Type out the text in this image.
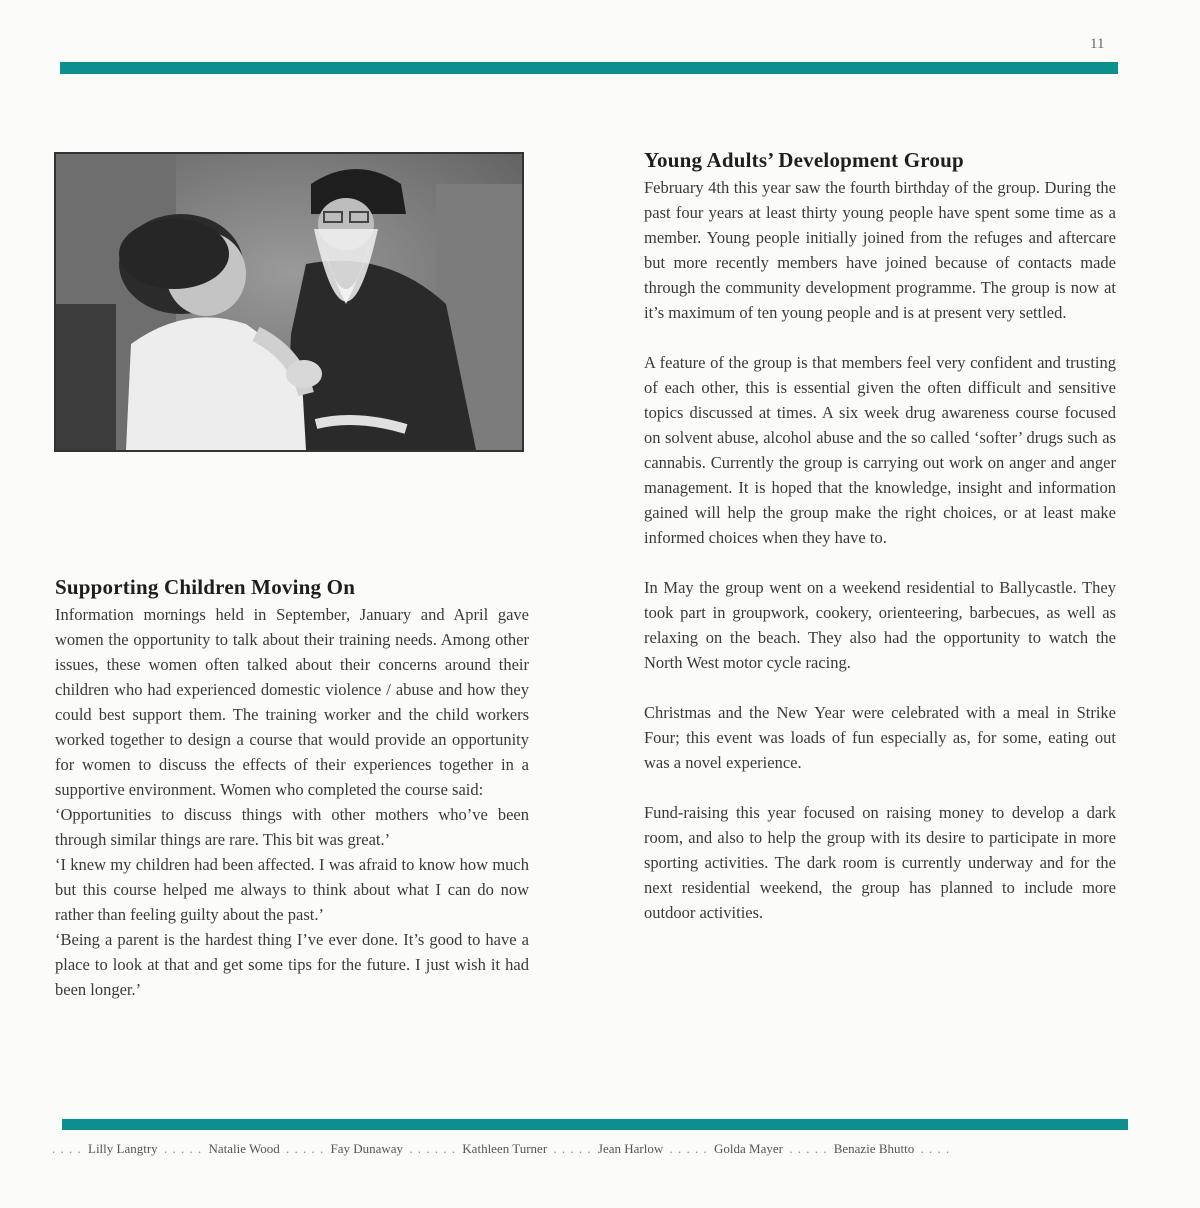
11
Supporting Children Moving On

Information mornings held in September, January and April gave women the opportunity to talk about their training needs. Among other issues, these women often talked about their concerns around their children who had experienced domestic violence / abuse and how they could best support them. The training worker and the child workers worked together to design a course that would provide an opportunity for women to discuss the effects of their experiences together in a supportive environment. Women who completed the course said:

‘Opportunities to discuss things with other mothers who’ve been through similar things are rare. This bit was great.’

‘I knew my children had been affected. I was afraid to know how much but this course helped me always to think about what I can do now rather than feeling guilty about the past.’

‘Being a parent is the hardest thing I’ve ever done. It’s good to have a place to look at that and get some tips for the future. I just wish it had been longer.’

Young Adults’ Development Group

February 4th this year saw the fourth birthday of the group. During the past four years at least thirty young people have spent some time as a member. Young people initially joined from the refuges and aftercare but more recently members have joined because of contacts made through the community development programme. The group is now at it’s maximum of ten young people and is at present very settled.

A feature of the group is that members feel very confident and trusting of each other, this is essential given the often difficult and sensitive topics discussed at times. A six week drug awareness course focused on solvent abuse, alcohol abuse and the so called ‘softer’ drugs such as cannabis. Currently the group is carrying out work on anger and anger management. It is hoped that the knowledge, insight and information gained will help the group make the right choices, or at least make informed choices when they have to.

In May the group went on a weekend residential to Ballycastle. They took part in groupwork, cookery, orienteering, barbecues, as well as relaxing on the beach. They also had the opportunity to watch the North West motor cycle racing.

Christmas and the New Year were celebrated with a meal in Strike Four; this event was loads of fun especially as, for some, eating out was a novel experience.

Fund-raising this year focused on raising money to develop a dark room, and also to help the group with its desire to participate in more sporting activities. The dark room is currently underway and for the next residential weekend, the group has planned to include more outdoor activities.

. . . . Lilly Langtry . . . . . Natalie Wood . . . . . Fay Dunaway . . . . . . Kathleen Turner . . . . . Jean Harlow . . . . . Golda Mayer . . . . . Benazie Bhutto . . . .
